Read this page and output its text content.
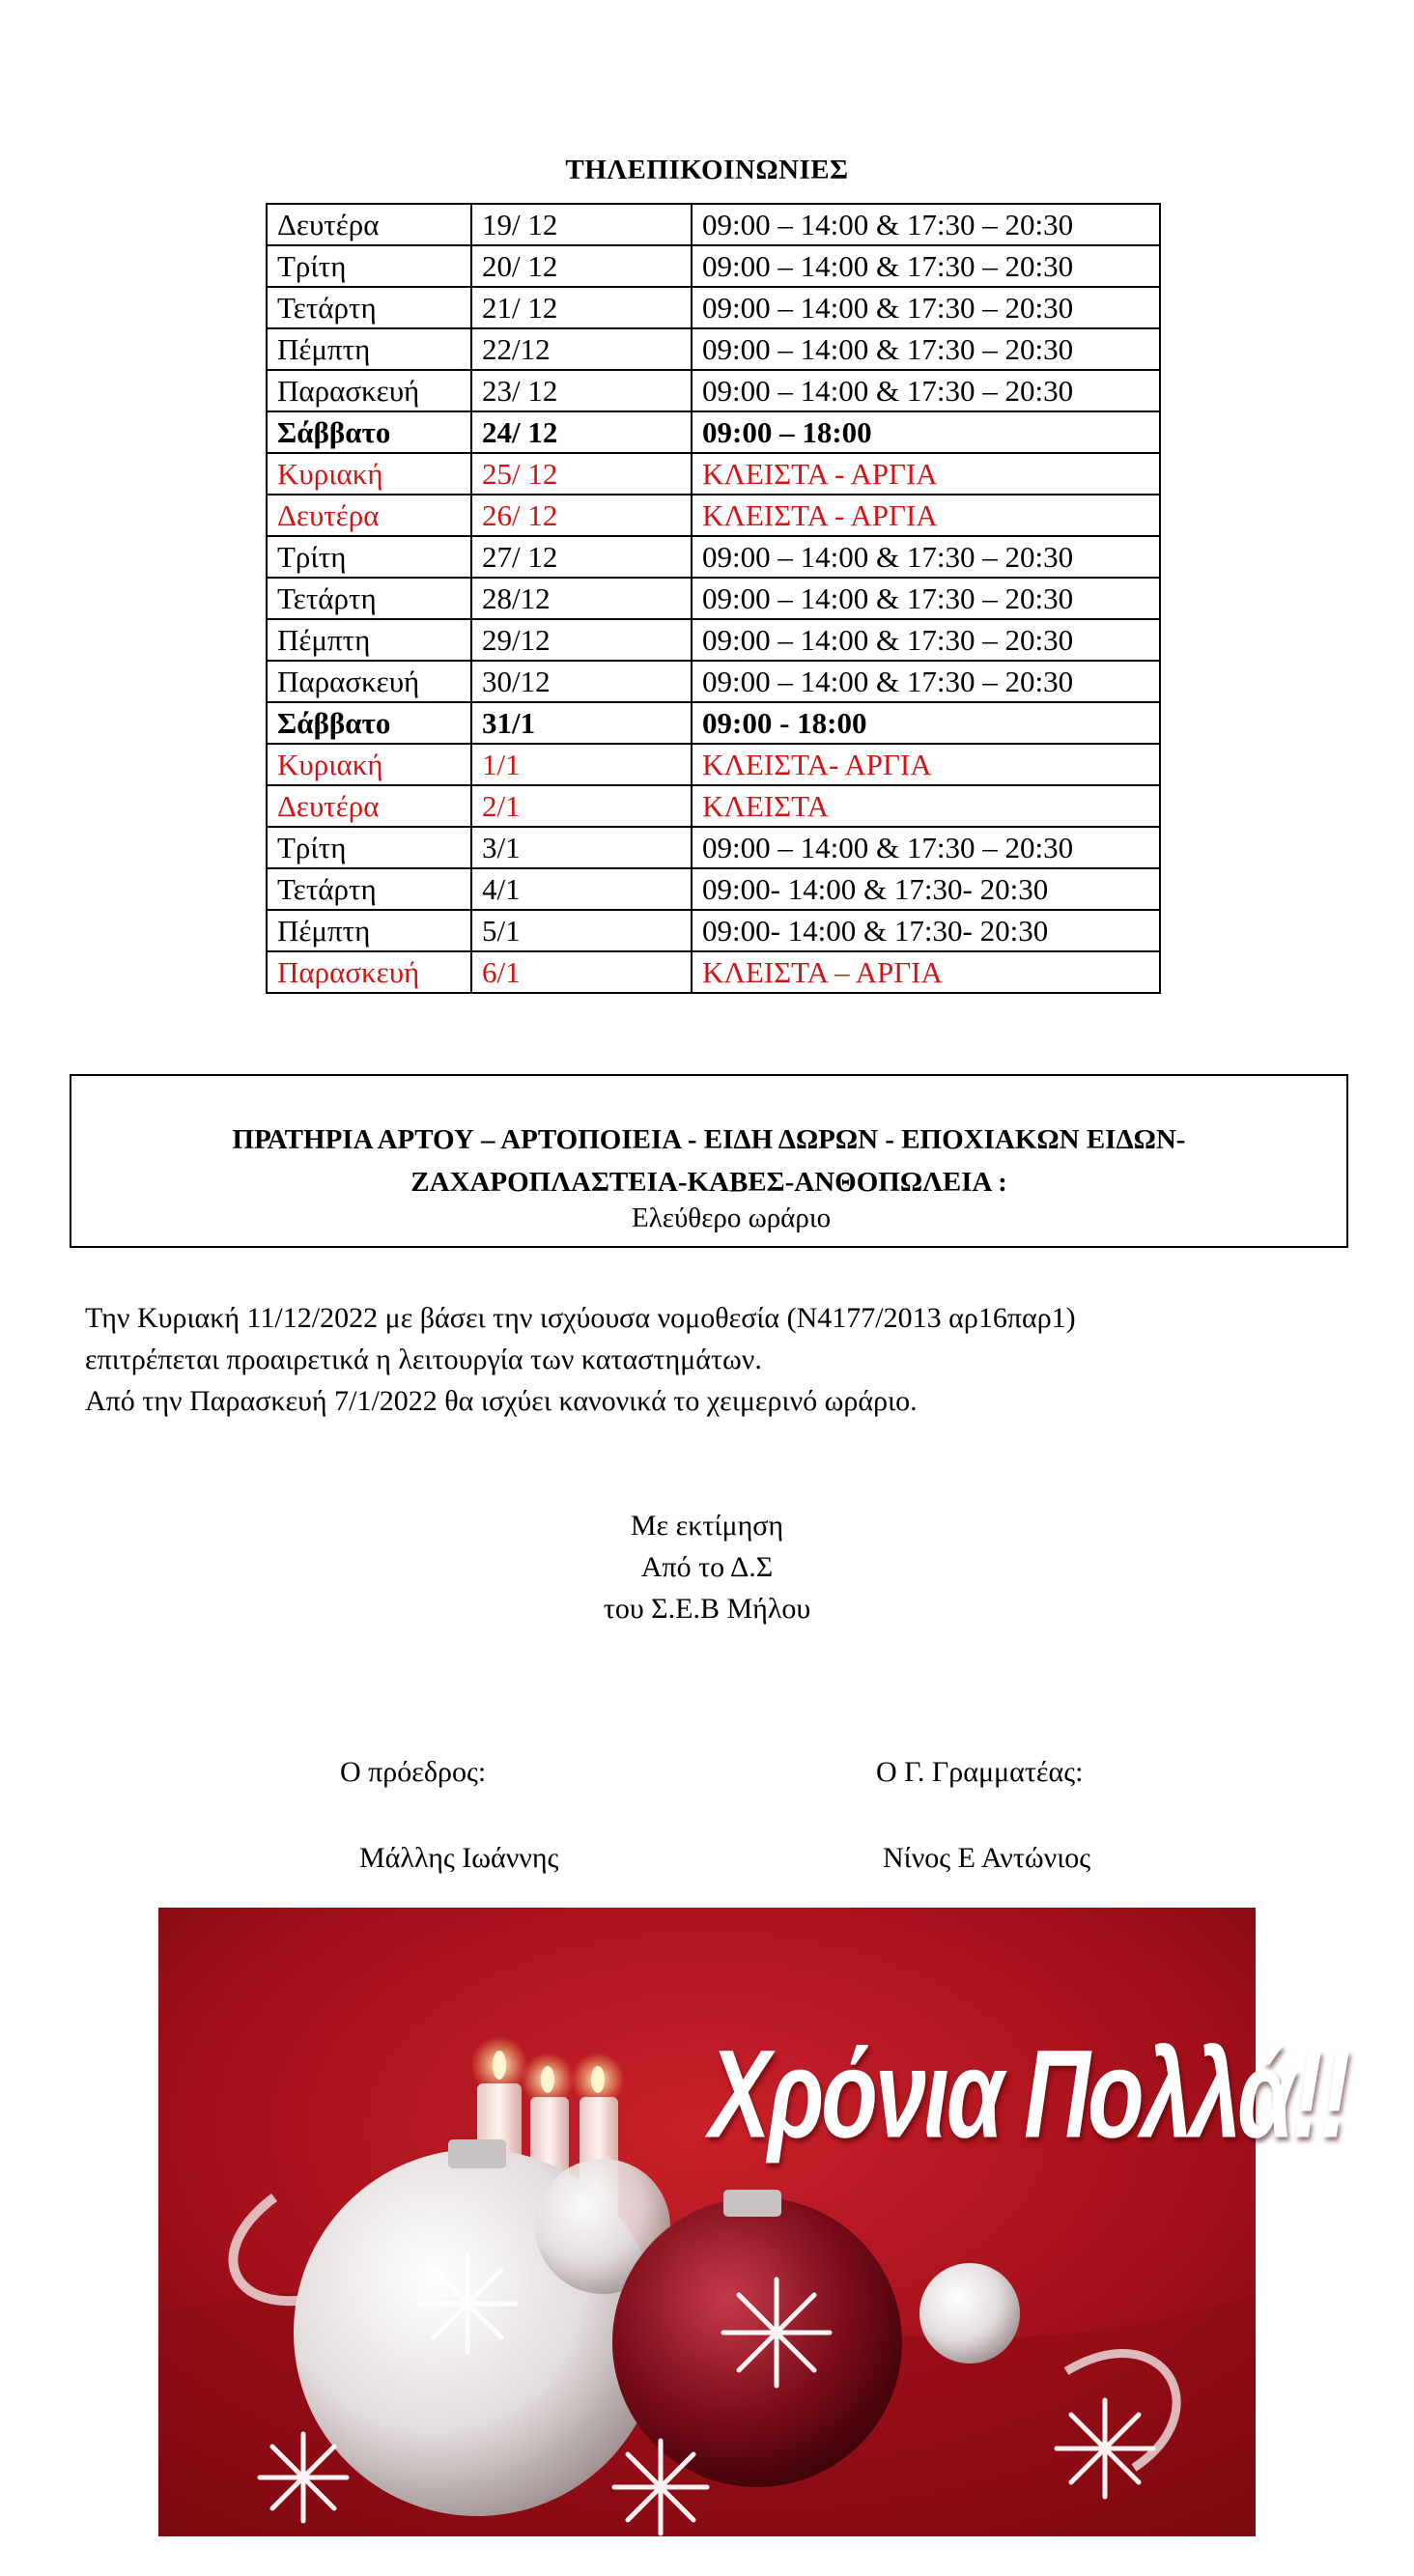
ΤΗΛΕΠΙΚΟΙΝΩΝΙΕΣ
Δευτέρα	19/ 12	09:00 – 14:00 & 17:30 – 20:30
Τρίτη	20/ 12	09:00 – 14:00 & 17:30 – 20:30
Τετάρτη	21/ 12	09:00 – 14:00 & 17:30 – 20:30
Πέμπτη	22/12	09:00 – 14:00 & 17:30 – 20:30
Παρασκευή	23/ 12	09:00 – 14:00 & 17:30 – 20:30
Σάββατο	24/ 12	09:00 – 18:00
Κυριακή	25/ 12	ΚΛΕΙΣΤΑ - ΑΡΓΙΑ
Δευτέρα	26/ 12	ΚΛΕΙΣΤΑ - ΑΡΓΙΑ
Τρίτη	27/ 12	09:00 – 14:00 & 17:30 – 20:30
Τετάρτη	28/12	09:00 – 14:00 & 17:30 – 20:30
Πέμπτη	29/12	09:00 – 14:00 & 17:30 – 20:30
Παρασκευή	30/12	09:00 – 14:00 & 17:30 – 20:30
Σάββατο	31/1	09:00 - 18:00
Κυριακή	1/1	ΚΛΕΙΣΤΑ- ΑΡΓΙΑ
Δευτέρα	2/1	ΚΛΕΙΣΤΑ
Τρίτη	3/1	09:00 – 14:00 & 17:30 – 20:30
Τετάρτη	4/1	09:00- 14:00 & 17:30- 20:30
Πέμπτη	5/1	09:00- 14:00 & 17:30- 20:30
Παρασκευή	6/1	ΚΛΕΙΣΤΑ – ΑΡΓΙΑ
ΠΡΑΤΗΡΙΑ ΑΡΤΟΥ – ΑΡΤΟΠΟΙΕΙΑ - ΕΙΔΗ ΔΩΡΩΝ - ΕΠΟΧΙΑΚΩΝ ΕΙΔΩΝ-
ΖΑΧΑΡΟΠΛΑΣΤΕΙΑ-ΚΑΒΕΣ-ΑΝΘΟΠΩΛΕΙΑ :
Ελεύθερο ωράριο
Την Κυριακή 11/12/2022 με βάσει την ισχύουσα νομοθεσία (Ν4177/2013 αρ16παρ1)
επιτρέπεται προαιρετικά η λειτουργία των καταστημάτων.
Από την Παρασκευή 7/1/2022 θα ισχύει κανονικά το χειμερινό ωράριο.
Με εκτίμηση
Από το Δ.Σ
του Σ.Ε.Β Μήλου
Ο πρόεδρος:
Μάλλης Ιωάννης
Ο Γ. Γραμματέας:
Νίνος Ε Αντώνιος
Χρόνια Πολλά!!
